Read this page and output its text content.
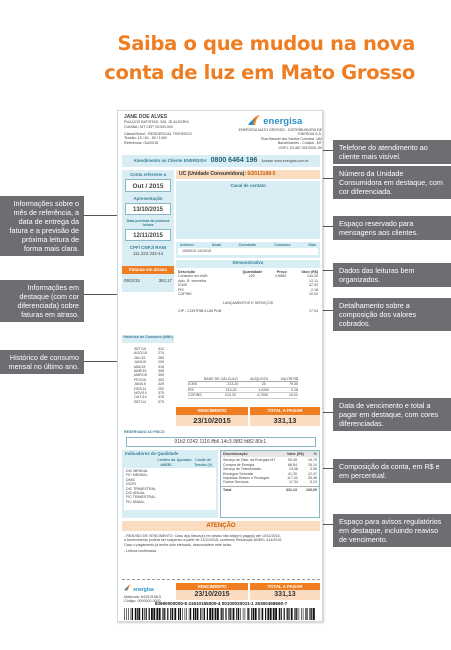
Saiba o que mudou na nova
conta de luz em Mato Grosso
Informações sobre o mês de referência, a data de entrega da fatura e a previsão de próxima leitura de forma mais clara.
Informações em destaque (com cor diferenciada) sobre faturas em atraso.
Histórico de consumo mensal no último ano.
Telefone do atendimento ao cliente mais visível.
Número da Unidade Consumidora em destaque, com cor diferenciada.
Espaço reservado para mensagens aos clientes.
Dados das leituras bem organizados.
Detalhamento sobre a composição dos valores cobrados.
Data de vencimento e total a pagar em destaque, com cores diferenciadas.
Composição da conta, em R$ e em percentual.
Espaço para avisos regulatórios em destaque, incluindo reaviso de vencimento.
JANE DOE ALVES
RUA DOS BATISTAS, 345, JD ALEGRIA
CUIABA / MT CEP 78.000-000
Classe/Subcl.: RESIDENCIAL TRIFÁSICO
Tensão: 15 / 60 - 50 / 1490
Referência: Out/2015
energisa
ENERGISA MATO GROSSO - DISTRIBUIDORA DE ENERGIA S.A.
Rua Manoel dos Santos Coimbra, 184
Bandeirantes - Cuiabá - MT
CNPJ: 03.467.321/0001-99
Atendimento ao Cliente ENERGISA 0800 6464 196 Acesse www.energisa.com.br
Conta referente a
Out / 2015
Apresentação
13/10/2015
Data prevista da próxima leitura
12/11/2015
CPF/ CNPJ/ RANI
111.222.333-44
Faturas em atraso
09/2015	362,17
UC (Unidade Consumidora): 6/2013198-5
Canal de contato
Anterior	Atual	Constante	Consumo	Dias
15/09/15 14/10/15
Demonstrativo
Descrição	Quantidade	Preço	Valor (R$)
Consumo em kWh	229	0,5860	134,20
Adic. B. vermelha	12,11
ICMS	47,93
PIS	2,18
COFINS	10,02
LANÇAMENTOS E SERVIÇOS
CIP - CONTRIB ILUM PUB	17,34
Histórico de Consumo (kWh)
SET/15	312
AGO/15	274
JUL/15	265
JUN/15	239
MAI/15	316
ABR/15	308
MAR/15	359
FEV/15	353
JAN/15	329
DEZ/14	292
NOV/14	375
OUT/14	378
SET/14	375
BASE DE CÁLCULO	ALÍQUOTA	VALOR R$
ICMS	213,20	25	79,30
PIS	213,20	1,0200	2,18
COFINS	213,20	4,7000	10,02
VENCIMENTO
23/10/2015
TOTAL A PAGAR
331,13
RESERVADO AO FISCO
91b2.0242.1116.ffb6.14c3.98f2.fd82.80c1.
Indicadores de Qualidade
Limites da ANEEL
Apurado	Limite de Tensão (V)
DIC MENSAL
FIC MENSAL
DMIC
DICRI
DIC TRIMESTRAL
DIC ANUAL
FIC TRIMESTRAL
FIC ANUAL
Discriminação	Valor (R$)	%
Serviço de Distr. da Energisa MT	55,45	16,75
Compra de Energia	86,54	26,14
Serviço de Transmissão	13,08	3,95
Encargos Setoriais	41,30	12,47
Impostos Diretos e Encargos	117,42	35,46
Outros Serviços	17,34	5,24
Total	331,13	100,00
ATENÇÃO
- REAVISO DE VENCIMENTO: Caso a(s) fatura(s) em atraso não seja(m) paga(s) até 10/11/2015,
o fornecimento poderá ser suspenso a partir de 11/11/2015, conforme Resolução ANEEL 414/2010.
Caso o pagamento já tenha sido efetuado, desconsidere este aviso.
- Leitura confirmada.
energisa
Matrícula: 6/2013198-5
Código: 0000000-0000
VENCIMENTO
23/10/2015
TOTAL A PAGAR
331,13
83690000000-8 41910155000-4 00100020011-1 25300458660-7
